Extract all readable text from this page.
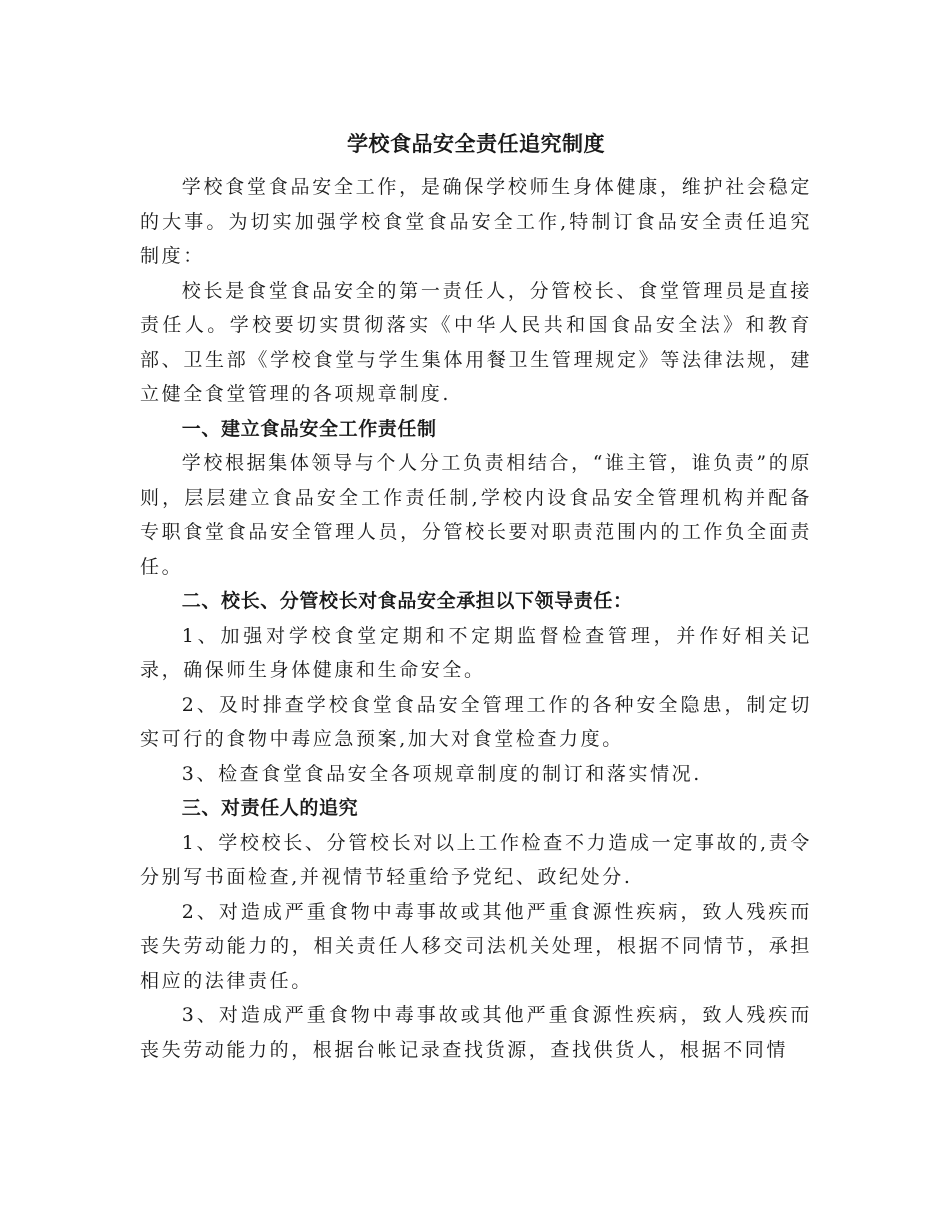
学校食品安全责任追究制度

学校食堂食品安全工作，是确保学校师生身体健康，维护社会稳定的大事。为切实加强学校食堂食品安全工作,特制订食品安全责任追究制度：

校长是食堂食品安全的第一责任人，分管校长、食堂管理员是直接责任人。学校要切实贯彻落实《中华人民共和国食品安全法》和教育部、卫生部《学校食堂与学生集体用餐卫生管理规定》等法律法规，建立健全食堂管理的各项规章制度.

一、建立食品安全工作责任制

学校根据集体领导与个人分工负责相结合，“谁主管，谁负责”的原则，层层建立食品安全工作责任制,学校内设食品安全管理机构并配备专职食堂食品安全管理人员，分管校长要对职责范围内的工作负全面责任。

二、校长、分管校长对食品安全承担以下领导责任：

1、加强对学校食堂定期和不定期监督检查管理，并作好相关记录，确保师生身体健康和生命安全。

2、及时排查学校食堂食品安全管理工作的各种安全隐患，制定切实可行的食物中毒应急预案,加大对食堂检查力度。

3、检查食堂食品安全各项规章制度的制订和落实情况.

三、对责任人的追究

1、学校校长、分管校长对以上工作检查不力造成一定事故的,责令分别写书面检查,并视情节轻重给予党纪、政纪处分.

2、对造成严重食物中毒事故或其他严重食源性疾病，致人残疾而丧失劳动能力的，相关责任人移交司法机关处理，根据不同情节，承担相应的法律责任。

3、对造成严重食物中毒事故或其他严重食源性疾病，致人残疾而丧失劳动能力的，根据台帐记录查找货源，查找供货人，根据不同情
